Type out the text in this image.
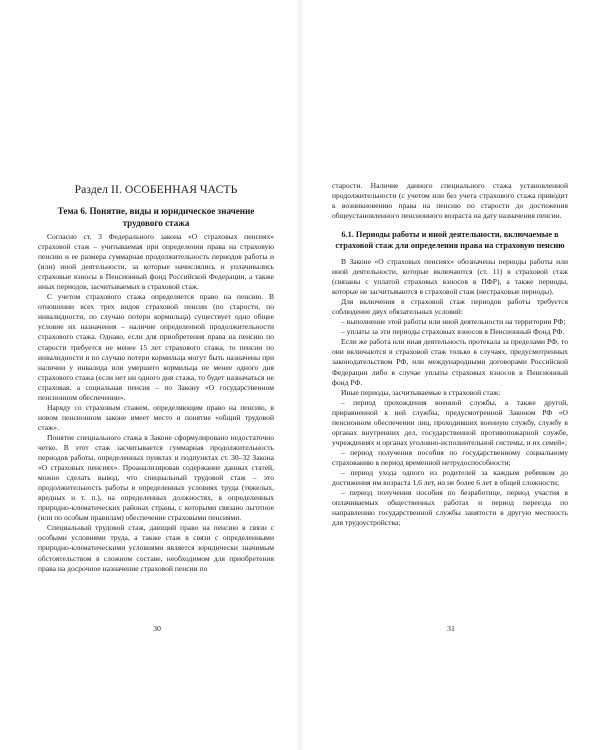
Раздел II. ОСОБЕННАЯ ЧАСТЬ
Тема 6. Понятие, виды и юридическое значение трудового стажа

Согласно ст. 3 Федерального закона «О страховых пенсиях» страховой стаж – учитываемая при определении права на страховую пенсию и ее размера суммарная продолжительность периодов работы и (или) иной деятельности, за которые начислялись и уплачивались страховые взносы в Пенсионный фонд Российской Федерации, а также иных периодов, засчитываемых в страховой стаж.

С учетом страхового стажа определяется право на пенсию. В отношении всех трех видов страховой пенсии (по старости, по инвалидности, по случаю потери кормильца) существует одно общее условие их назначения – наличие определенной продолжительности страхового стажа. Однако, если для приобретения права на пенсию по старости требуется не менее 15 лет страхового стажа, то пенсии по инвалидности и по случаю потери кормильца могут быть назначены при наличии у инвалида или умершего кормильца не менее одного дня страхового стажа (если нет ни одного дня стажа, то будет назначаться не страховая, а социальная пенсия – по Закону «О государственном пенсионном обеспечении».

Наряду со страховым стажем, определяющим право на пенсию, в новом пенсионном законе имеет место и понятие «общий трудовой стаж».

Понятие специального стажа в Законе сформулировано недостаточно четко. В этот стаж засчитывается суммарная продолжительность периодов работы, определенных пунктах и подпунктах ст. 30–32 Закона «О страховых пенсиях». Проанализировав содержание данных статей, можно сделать вывод, что специальный трудовой стаж – это продолжительность работы в определенных условиях труда (тяжелых, вредных и т. п.), на определенных должностях, в определенных природно-климатических районах страны, с которыми связано льготное (или по особым правилам) обеспечение страховыми пенсиями.

Специальный трудовой стаж, дающий право на пенсию в связи с особыми условиями труда, а также стаж в связи с определенными природно-климатическими условиями является юридически значимым обстоятельством в сложном составе, необходимом для приобретения права на досрочное назначение страховой пенсии по

30

старости. Наличие данного специального стажа установленной продолжительности (с учетом или без учета страхового стажа приводит к возникновению права на пенсию по старости до достижения общеустановленного пенсионного возраста на дату назначения пенсии.

6.1. Периоды работы и иной деятельности, включаемые в страховой стаж для определения права на страховую пенсию

В Законе «О страховых пенсиях» обозначены периоды работы или иной деятельности, которые включаются (ст. 11) в страховой стаж (связаны с уплатой страховых взносов в ПФР), а также периоды, которые не засчитываются в страховой стаж (нестраховые периоды).

Для включения в страховой стаж периодов работы требуется соблюдение двух обязательных условий:

– выполнение этой работы или иной деятельности на территории РФ;

– уплаты за эти периоды страховых взносов в Пенсионный Фонд РФ.

Если же работа или иная деятельность протекала за пределами РФ, то они включаются в страховой стаж только в случаях, предусмотренных законодательством РФ, или международными договорами Российской Федерации либо в случае уплаты страховых взносов в Пенсионный фонд РФ.

Иные периоды, засчитываемые в страховой стаж:

– период прохождения военной службы, а также другой, приравненной к ней службы, предусмотренной Законом РФ «О пенсионном обеспечении лиц, проходивших военную службу, службу в органах внутренних дел, государственной противопожарной службе, учреждениях и органах уголовно-исполнительной системы, и их семей»;

– период получения пособия по государственному социальному страхованию в период временной нетрудоспособности;

– период ухода одного из родителей за каждым ребенком до достижения им возраста 1,6 лет, но не более 6 лет в общей сложности;

– период получения пособия по безработице, период участия в оплачиваемых общественных работах и период переезда по направлению государственной службы занятости в другую местность для трудоустройства;

31
